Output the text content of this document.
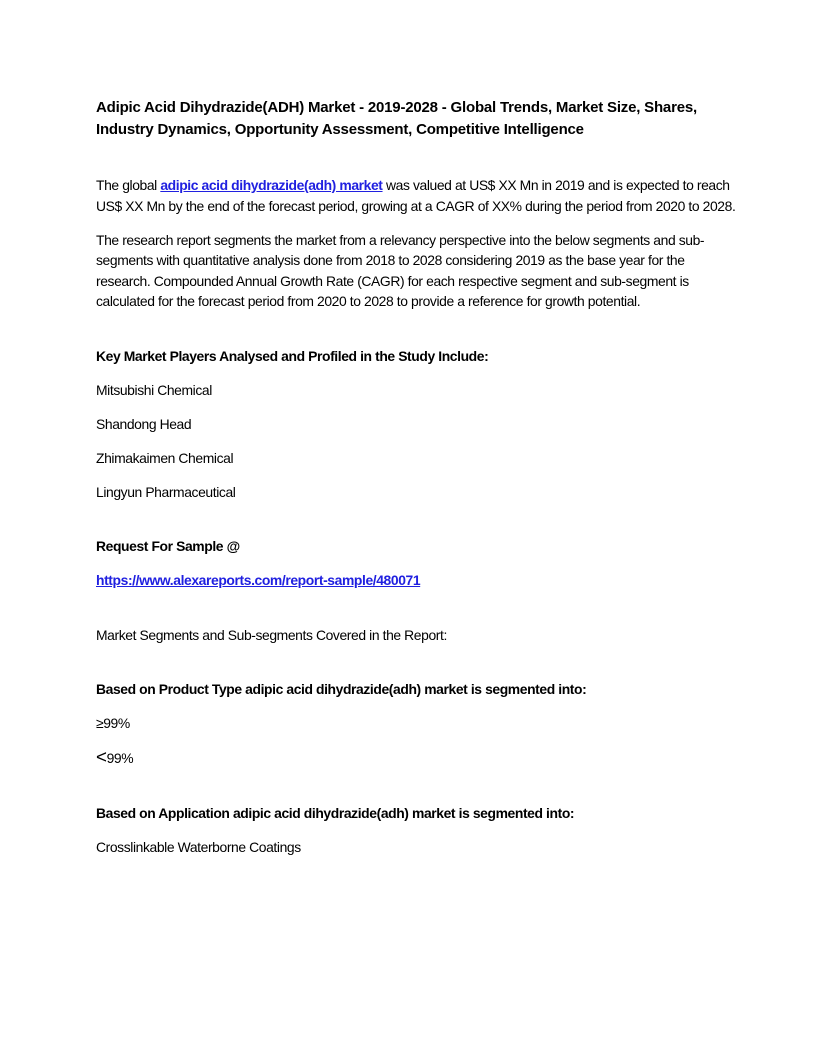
Adipic Acid Dihydrazide(ADH) Market - 2019-2028 - Global Trends, Market Size, Shares, Industry Dynamics, Opportunity Assessment, Competitive Intelligence

The global adipic acid dihydrazide(adh) market was valued at US$ XX Mn in 2019 and is expected to reach US$ XX Mn by the end of the forecast period, growing at a CAGR of XX% during the period from 2020 to 2028.

The research report segments the market from a relevancy perspective into the below segments and sub-segments with quantitative analysis done from 2018 to 2028 considering 2019 as the base year for the research. Compounded Annual Growth Rate (CAGR) for each respective segment and sub-segment is calculated for the forecast period from 2020 to 2028 to provide a reference for growth potential.

Key Market Players Analysed and Profiled in the Study Include:

Mitsubishi Chemical

Shandong Head

Zhimakaimen Chemical

Lingyun Pharmaceutical

Request For Sample @

https://www.alexareports.com/report-sample/480071

Market Segments and Sub-segments Covered in the Report:

Based on Product Type adipic acid dihydrazide(adh) market is segmented into:

≥99%

<99%

Based on Application adipic acid dihydrazide(adh) market is segmented into:

Crosslinkable Waterborne Coatings
